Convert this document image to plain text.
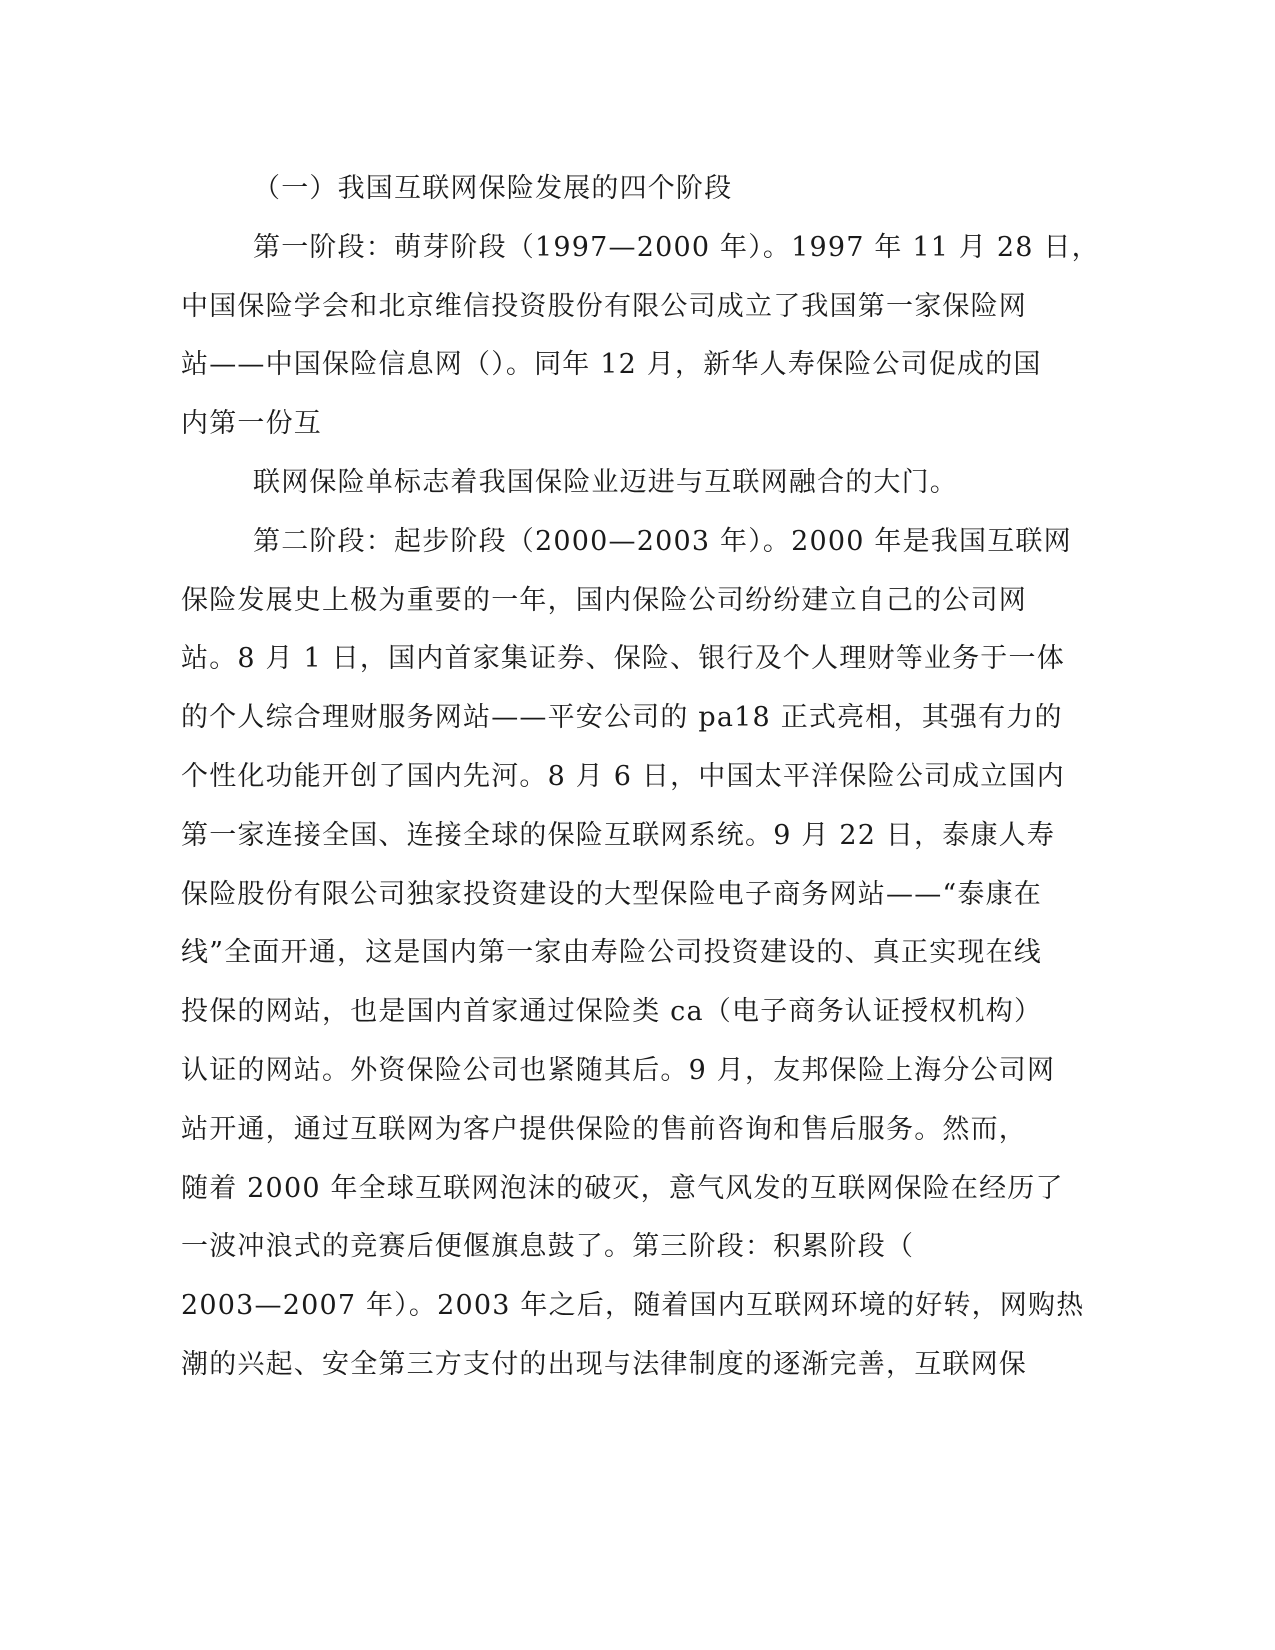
（一）我国互联网保险发展的四个阶段
第一阶段：萌芽阶段（1997—2000 年）。1997 年 11 月 28 日，
中国保险学会和北京维信投资股份有限公司成立了我国第一家保险网
站——中国保险信息网（）。同年 12 月，新华人寿保险公司促成的国
内第一份互
联网保险单标志着我国保险业迈进与互联网融合的大门。
第二阶段：起步阶段（2000—2003 年）。2000 年是我国互联网
保险发展史上极为重要的一年，国内保险公司纷纷建立自己的公司网
站。8 月 1 日，国内首家集证券、保险、银行及个人理财等业务于一体
的个人综合理财服务网站——平安公司的 pa18 正式亮相，其强有力的
个性化功能开创了国内先河。8 月 6 日，中国太平洋保险公司成立国内
第一家连接全国、连接全球的保险互联网系统。9 月 22 日，泰康人寿
保险股份有限公司独家投资建设的大型保险电子商务网站——“泰康在
线”全面开通，这是国内第一家由寿险公司投资建设的、真正实现在线
投保的网站，也是国内首家通过保险类 ca（电子商务认证授权机构）
认证的网站。外资保险公司也紧随其后。9 月，友邦保险上海分公司网
站开通，通过互联网为客户提供保险的售前咨询和售后服务。然而，
随着 2000 年全球互联网泡沫的破灭，意气风发的互联网保险在经历了
一波冲浪式的竞赛后便偃旗息鼓了。第三阶段：积累阶段（
2003—2007 年）。2003 年之后，随着国内互联网环境的好转，网购热
潮的兴起、安全第三方支付的出现与法律制度的逐渐完善，互联网保
